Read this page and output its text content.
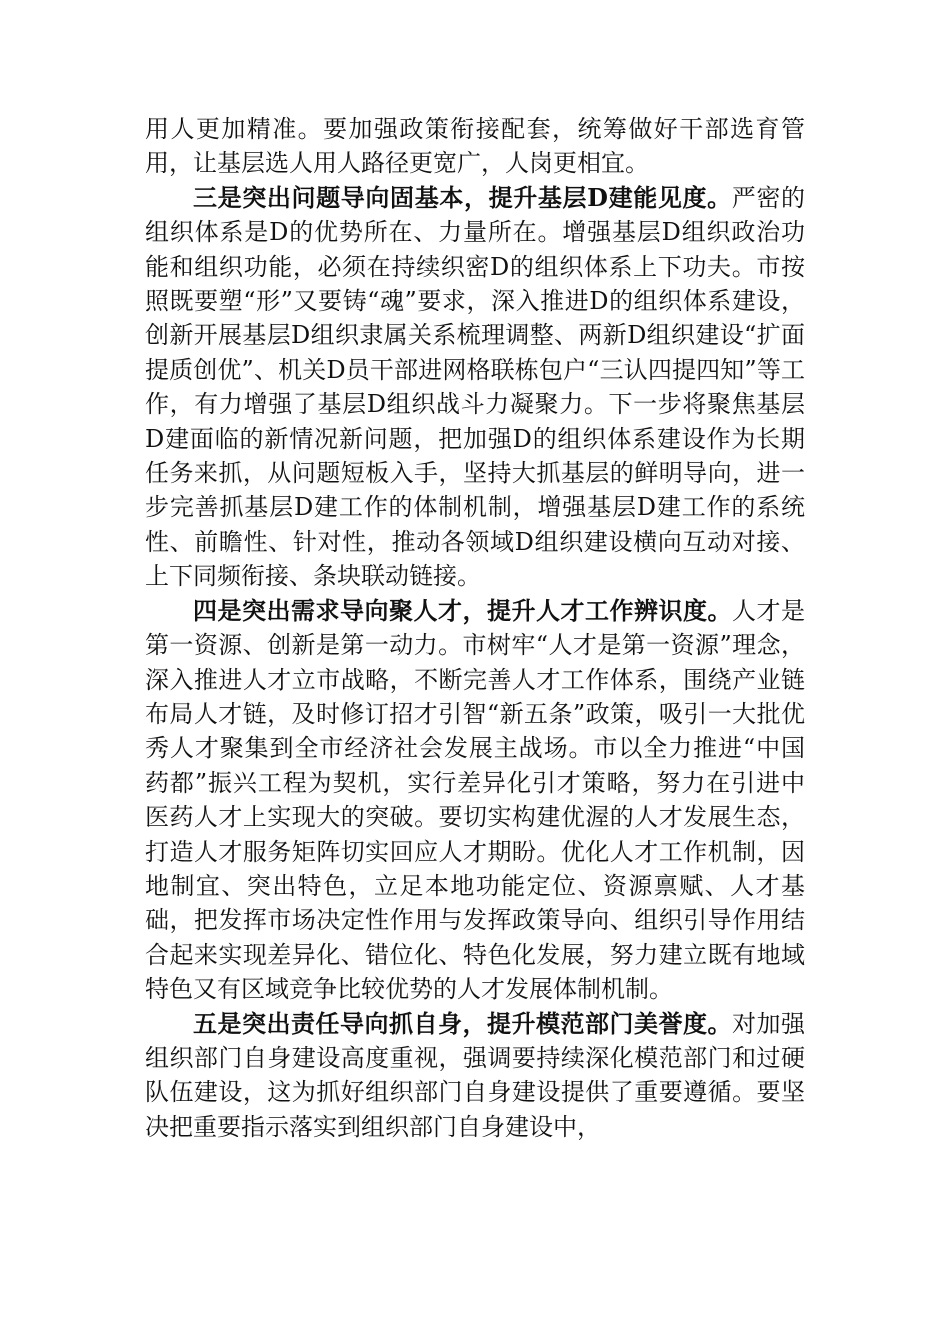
用人更加精准。要加强政策衔接配套，统筹做好干部选育管用，让基层选人用人路径更宽广，人岗更相宜。

三是突出问题导向固基本，提升基层D建能见度。严密的组织体系是D的优势所在、力量所在。增强基层D组织政治功能和组织功能，必须在持续织密D的组织体系上下功夫。市按照既要塑“形”又要铸“魂”要求，深入推进D的组织体系建设，创新开展基层D组织隶属关系梳理调整、两新D组织建设“扩面提质创优”、机关D员干部进网格联栋包户“三认四提四知”等工作，有力增强了基层D组织战斗力凝聚力。下一步将聚焦基层D建面临的新情况新问题，把加强D的组织体系建设作为长期任务来抓，从问题短板入手，坚持大抓基层的鲜明导向，进一步完善抓基层D建工作的体制机制，增强基层D建工作的系统性、前瞻性、针对性，推动各领域D组织建设横向互动对接、上下同频衔接、条块联动链接。

四是突出需求导向聚人才，提升人才工作辨识度。人才是第一资源、创新是第一动力。市树牢“人才是第一资源”理念，深入推进人才立市战略，不断完善人才工作体系，围绕产业链布局人才链，及时修订招才引智“新五条”政策，吸引一大批优秀人才聚集到全市经济社会发展主战场。市以全力推进“中国药都”振兴工程为契机，实行差异化引才策略，努力在引进中医药人才上实现大的突破。要切实构建优渥的人才发展生态，打造人才服务矩阵切实回应人才期盼。优化人才工作机制，因地制宜、突出特色，立足本地功能定位、资源禀赋、人才基础，把发挥市场决定性作用与发挥政策导向、组织引导作用结合起来实现差异化、错位化、特色化发展，努力建立既有地域特色又有区域竞争比较优势的人才发展体制机制。

五是突出责任导向抓自身，提升模范部门美誉度。对加强组织部门自身建设高度重视，强调要持续深化模范部门和过硬队伍建设，这为抓好组织部门自身建设提供了重要遵循。要坚决把重要指示落实到组织部门自身建设中，
